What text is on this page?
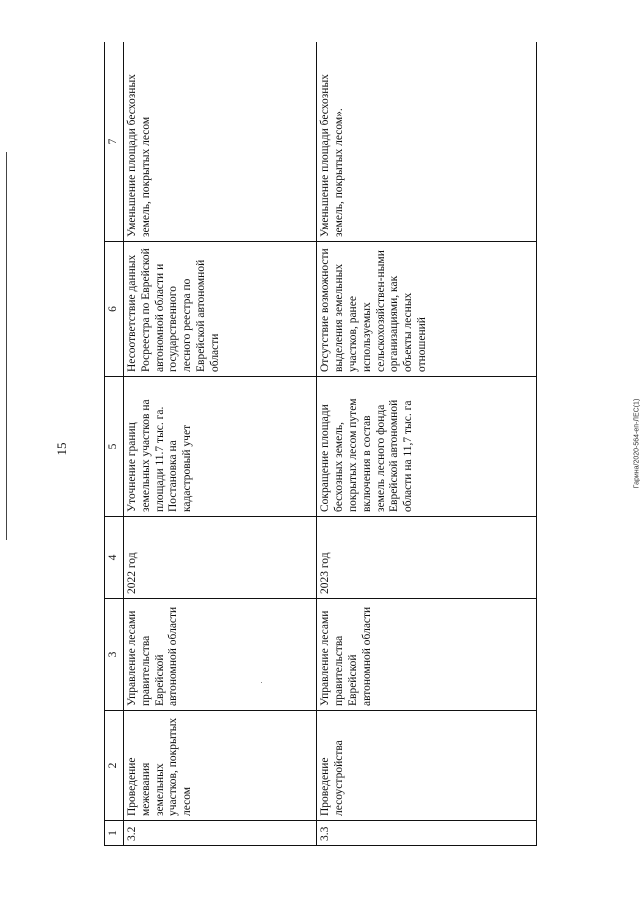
15	Гарина/2020-564-еп-ЛЕС(1)
1	2	3	4	5	6	7
3.2	Проведение межевания земельных участков, покрытых лесом	Управление лесами правительства Еврейской автономной области	2022 год	Уточнение границ земельных участков на площади 11.7 тыс. га. Постановка на кадастровый учет	Несоответствие данных Росреестра по Еврейской автономной области и государственного лесного реестра по Еврейской автономной области	Уменьшение площади бесхозных земель, покрытых лесом
3.3	Проведение лесоустройства	Управление лесами правительства Еврейской автономной области	2023 год	Сокращение площади бесхозных земель, покрытых лесом путем включения в состав земель лесного фонда Еврейской автономной области на 11,7 тыс. га	Отсутствие возможности выделения земельных участков, ранее используемых сельскохозяйствен-ными организациями, как объекты лесных отношений	Уменьшение площади бесхозных земель, покрытых лесом».
